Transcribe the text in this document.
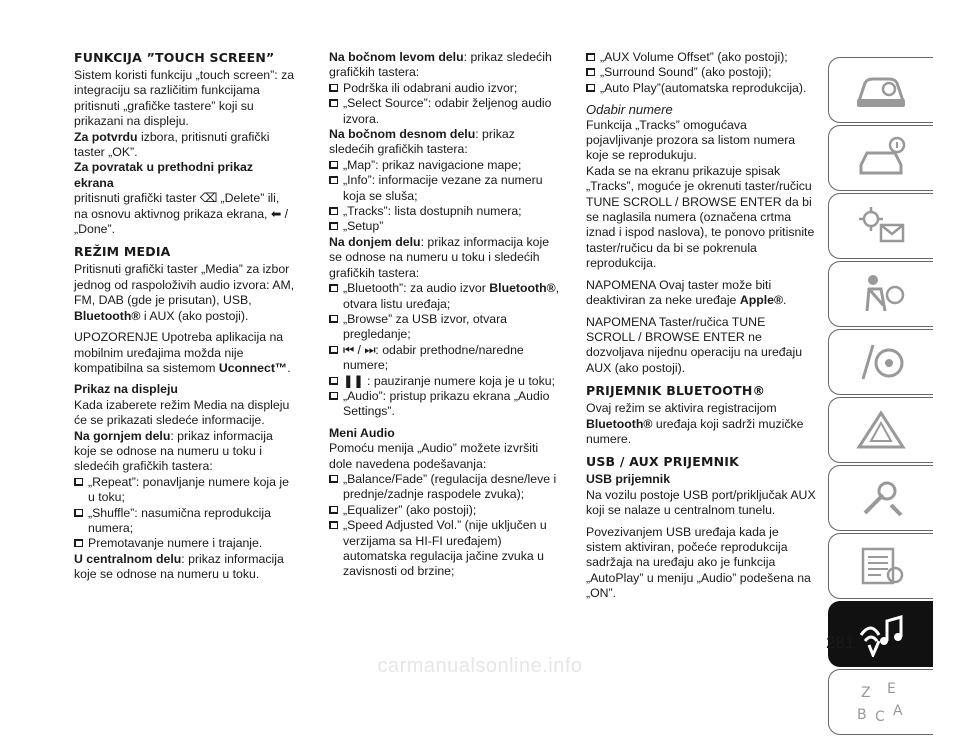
FUNKCIJA ”TOUCH SCREEN”

Sistem koristi funkciju „touch screen”: za integraciju sa različitim funkcijama pritisnuti „grafičke tastere” koji su prikazani na displeju.

Za potvrdu izbora, pritisnuti grafički taster „OK”.

Za povratak u prethodni prikaz ekrana

pritisnuti grafički taster ⌫ „Delete” ili, na osnovu aktivnog prikaza ekrana, ⬅ /„Done”.

REŽIM MEDIA

Pritisnuti grafički taster „Media” za izbor jednog od raspoloživih audio izvora: AM, FM, DAB (gde je prisutan), USB,
Bluetooth® i AUX (ako postoji).

UPOZORENJE Upotreba aplikacija na mobilnim uređajima možda nije kompatibilna sa sistemom Uconnect™.

Prikaz na displeju

Kada izaberete režim Media na displeju će se prikazati sledeće informacije.

Na gornjem delu: prikaz informacija koje se odnose na numeru u toku i sledećih grafičkih tastera:

„Repeat”: ponavljanje numere koja je u toku;

„Shuffle”: nasumična reprodukcija numera;

Premotavanje numere i trajanje.

U centralnom delu: prikaz informacija koje se odnose na numeru u toku.

Na bočnom levom delu: prikaz sledećih grafičkih tastera:

Podrška ili odabrani audio izvor;

„Select Source”: odabir željenog audio izvora.

Na bočnom desnom delu: prikaz sledećih grafičkih tastera:

„Map”: prikaz navigacione mape;

„Info”: informacije vezane za numeru koja se sluša;

„Tracks”: lista dostupnih numera;

„Setup”

Na donjem delu: prikaz informacija koje se odnose na numeru u toku i sledećih grafičkih tastera:

„Bluetooth”: za audio izvor Bluetooth®, otvara listu uređaja;

„Browse” za USB izvor, otvara pregledanje;

⏮ / ⏭: odabir prethodne/naredne numere;

❚❚ : pauziranje numere koja je u toku;

„Audio”: pristup prikazu ekrana „Audio Settings”.

Meni Audio

Pomoću menija „Audio” možete izvršiti dole navedena podešavanja:

„Balance/Fade” (regulacija desne/leve i prednje/zadnje raspodele zvuka);

„Equalizer” (ako postoji);

„Speed Adjusted Vol.” (nije uključen u verzijama sa HI-FI uređajem) automatska regulacija jačine zvuka u zavisnosti od brzine;

„AUX Volume Offset” (ako postoji);

„Surround Sound” (ako postoji);

„Auto Play”(automatska reprodukcija).

Odabir numere

Funkcija „Tracks” omogućava pojavljivanje prozora sa listom numera koje se reprodukuju.

Kada se na ekranu prikazuje spisak „Tracks”, moguće je okrenuti taster/ručicu TUNE SCROLL / BROWSE ENTER da bi se naglasila numera (označena crtma iznad i ispod naslova), te ponovo pritisnite taster/ručicu da bi se pokrenula reprodukcija.

NAPOMENA Ovaj taster može biti deaktiviran za neke uređaje Apple®.

NAPOMENA Taster/ručica TUNE SCROLL / BROWSE ENTER ne dozvoljava nijednu operaciju na uređaju AUX (ako postoji).

PRIJEMNIK BLUETOOTH®

Ovaj režim se aktivira registracijom Bluetooth® uređaja koji sadrži muzičke numere.

USB / AUX PRIJEMNIK

USB prijemnik

Na vozilu postoje USB port/priključak AUX koji se nalaze u centralnom tunelu.

Povezivanjem USB uređaja kada je sistem aktiviran, počeće reprodukcija sadržaja na uređaju ako je funkcija „AutoPlay” u meniju „Audio” podešena na „ON”.

Z E
B C A
281
carmanualsonline.info
